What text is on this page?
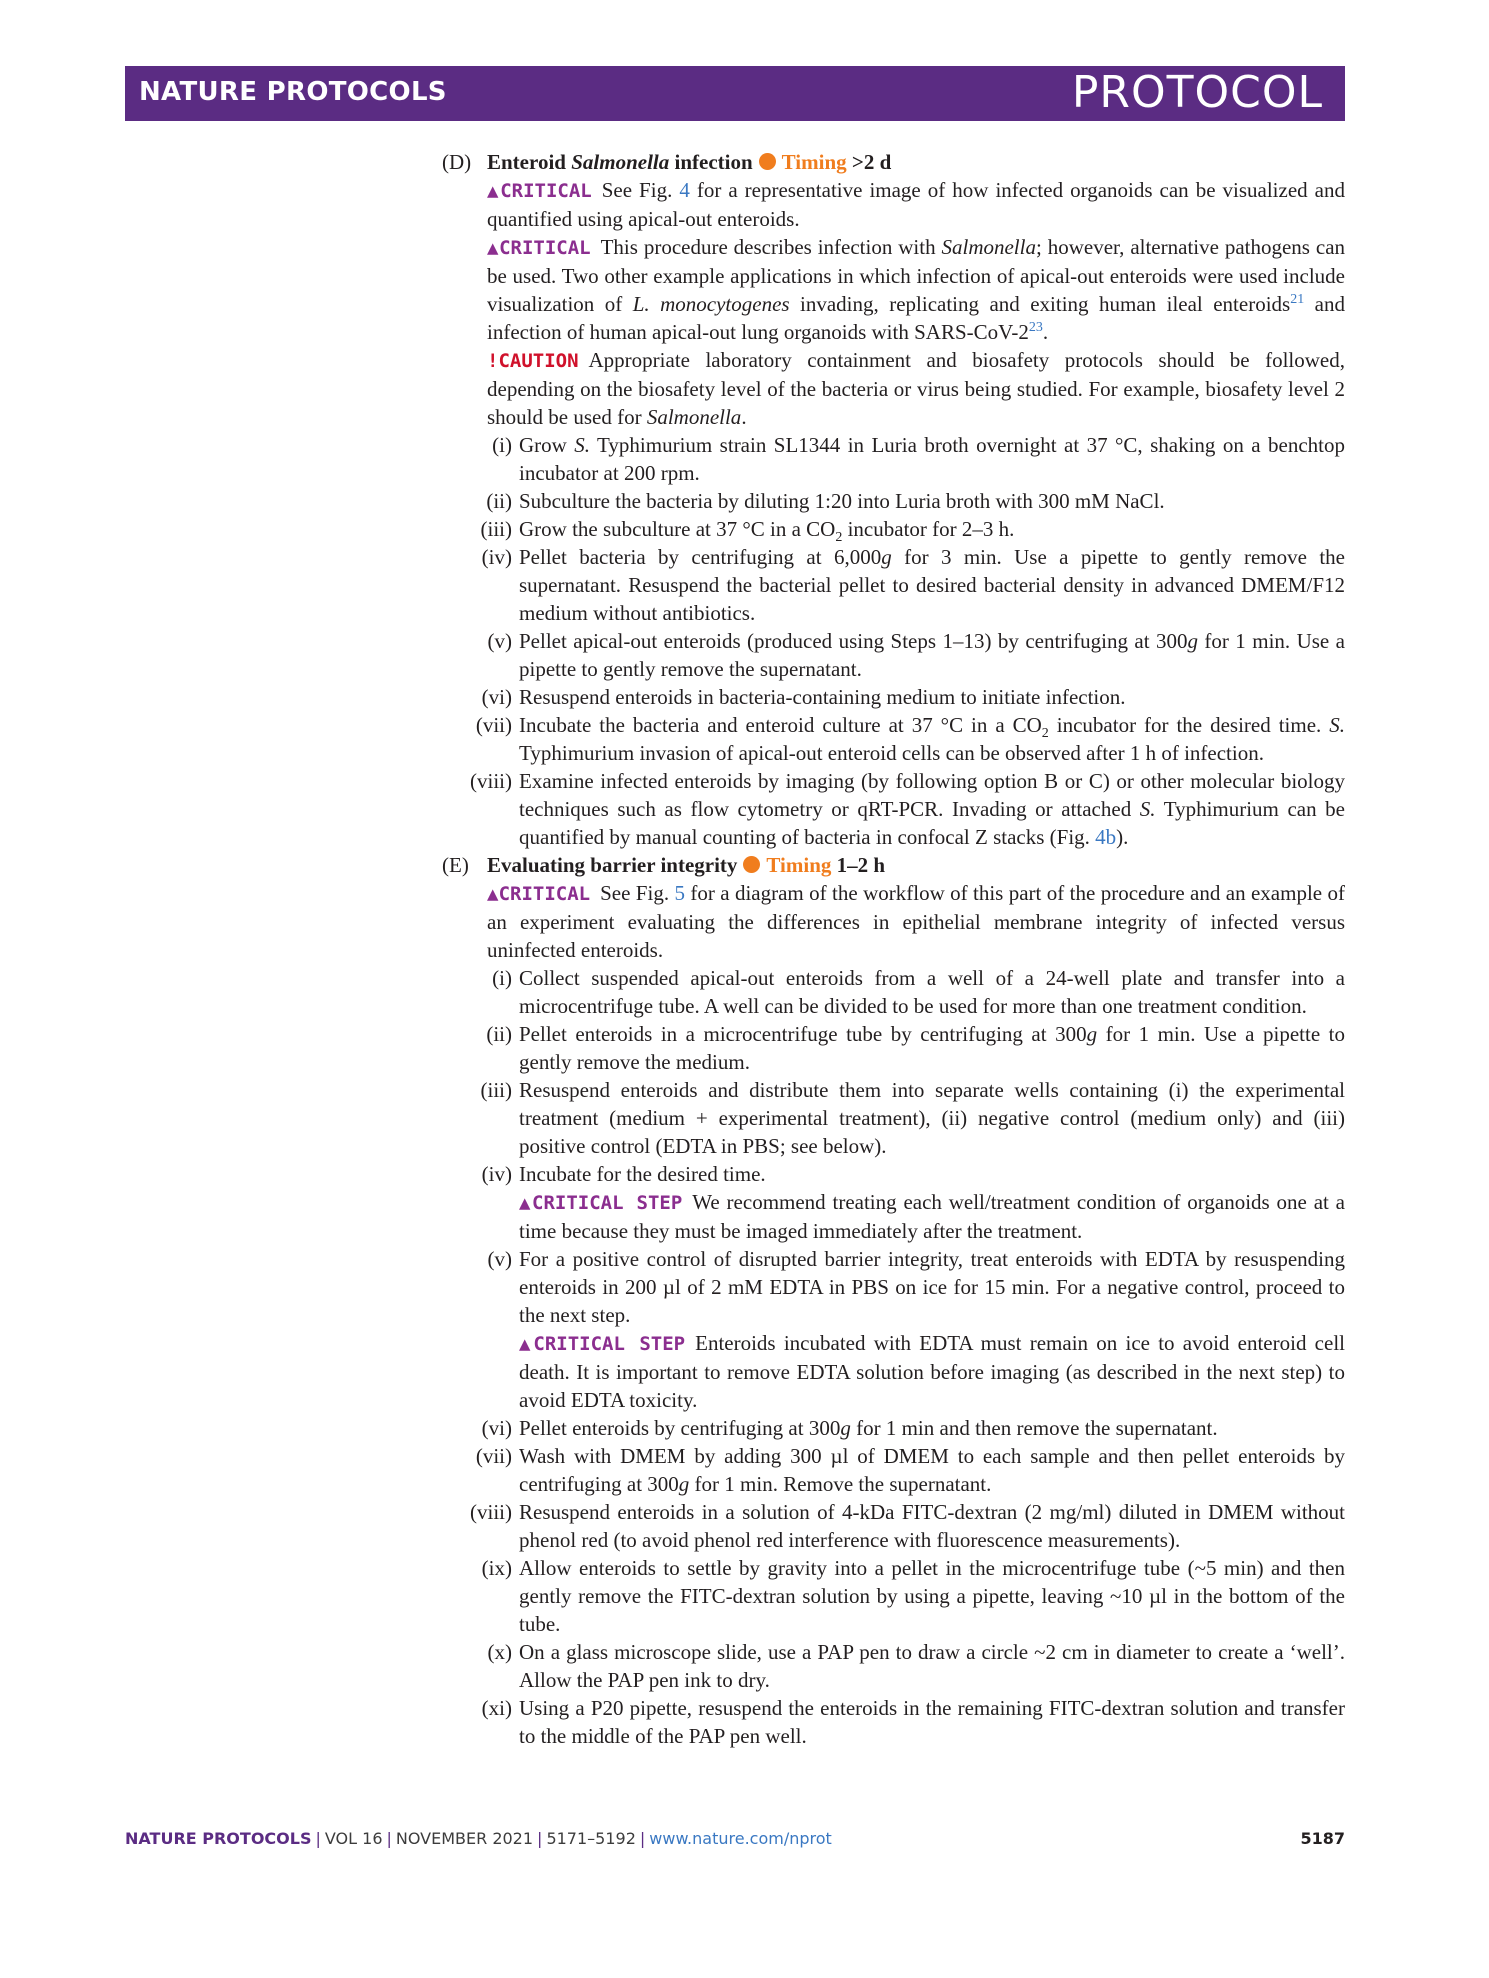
NATURE PROTOCOLS	PROTOCOL
(D) Enteroid Salmonella infection Timing >2 d
▲CRITICAL See Fig. 4 for a representative image of how infected organoids can be visualized and quantified using apical-out enteroids.
▲CRITICAL This procedure describes infection with Salmonella; however, alternative pathogens can be used. Two other example applications in which infection of apical-out enteroids were used include visualization of L. monocytogenes invading, replicating and exiting human ileal enteroids$^{21}$ and infection of human apical-out lung organoids with SARS-$CoV-2^{23}$.
!CAUTION Appropriate laboratory containment and biosafety protocols should be followed, depending on the biosafety level of the bacteria or virus being studied. For example, biosafety level 2 should be used for Salmonella.
(i) Grow S. Typhimurium strain SL1344 in Luria broth overnight at 37 °C, shaking on a benchtop incubator at 200 rpm.
(ii) Subculture the bacteria by diluting 1:20 into Luria broth with 300 mM NaCl.
(iii) Grow the subculture at 37 °C in a $CO_2$ incubator for 2–3 h.
(iv) Pellet bacteria by centrifuging at 6,000g for 3 min. Use a pipette to gently remove the supernatant. Resuspend the bacterial pellet to desired bacterial density in advanced DMEM/F12 medium without antibiotics.
(v) Pellet apical-out enteroids (produced using Steps 1–13) by centrifuging at 300g for 1 min. Use a pipette to gently remove the supernatant.
(vi) Resuspend enteroids in bacteria-containing medium to initiate infection.
(vii) Incubate the bacteria and enteroid culture at 37 °C in a $CO_2$ incubator for the desired time. S. Typhimurium invasion of apical-out enteroid cells can be observed after 1 h of infection.
(viii) Examine infected enteroids by imaging (by following option B or C) or other molecular biology techniques such as flow cytometry or qRT-PCR. Invading or attached S. Typhimurium can be quantified by manual counting of bacteria in confocal Z stacks (Fig. 4b).
(E) Evaluating barrier integrity Timing 1–2 h
▲CRITICAL See Fig. 5 for a diagram of the workflow of this part of the procedure and an example of an experiment evaluating the differences in epithelial membrane integrity of infected versus uninfected enteroids.
(i) Collect suspended apical-out enteroids from a well of a 24-well plate and transfer into a microcentrifuge tube. A well can be divided to be used for more than one treatment condition.
(ii) Pellet enteroids in a microcentrifuge tube by centrifuging at 300g for 1 min. Use a pipette to gently remove the medium.
(iii) Resuspend enteroids and distribute them into separate wells containing (i) the experimental treatment (medium + experimental treatment), (ii) negative control (medium only) and (iii) positive control (EDTA in PBS; see below).
(iv) Incubate for the desired time.
▲CRITICAL STEP We recommend treating each well/treatment condition of organoids one at a time because they must be imaged immediately after the treatment.
(v) For a positive control of disrupted barrier integrity, treat enteroids with EDTA by resuspending enteroids in 200 µl of 2 mM EDTA in PBS on ice for 15 min. For a negative control, proceed to the next step.
▲CRITICAL STEP Enteroids incubated with EDTA must remain on ice to avoid enteroid cell death. It is important to remove EDTA solution before imaging (as described in the next step) to avoid EDTA toxicity.
(vi) Pellet enteroids by centrifuging at 300g for 1 min and then remove the supernatant.
(vii) Wash with DMEM by adding 300 µl of DMEM to each sample and then pellet enteroids by centrifuging at 300g for 1 min. Remove the supernatant.
(viii) Resuspend enteroids in a solution of 4-kDa FITC-dextran (2 mg/ml) diluted in DMEM without phenol red (to avoid phenol red interference with fluorescence measurements).
(ix) Allow enteroids to settle by gravity into a pellet in the microcentrifuge tube (~5 min) and then gently remove the FITC-dextran solution by using a pipette, leaving ~10 µl in the bottom of the tube.
(x) On a glass microscope slide, use a PAP pen to draw a circle ~2 cm in diameter to create a ‘well’. Allow the PAP pen ink to dry.
(xi) Using a P20 pipette, resuspend the enteroids in the remaining FITC-dextran solution and transfer to the middle of the PAP pen well.
NATURE PROTOCOLS | VOL 16 | NOVEMBER 2021 | 5171–5192 | www.nature.com/nprot	5187
